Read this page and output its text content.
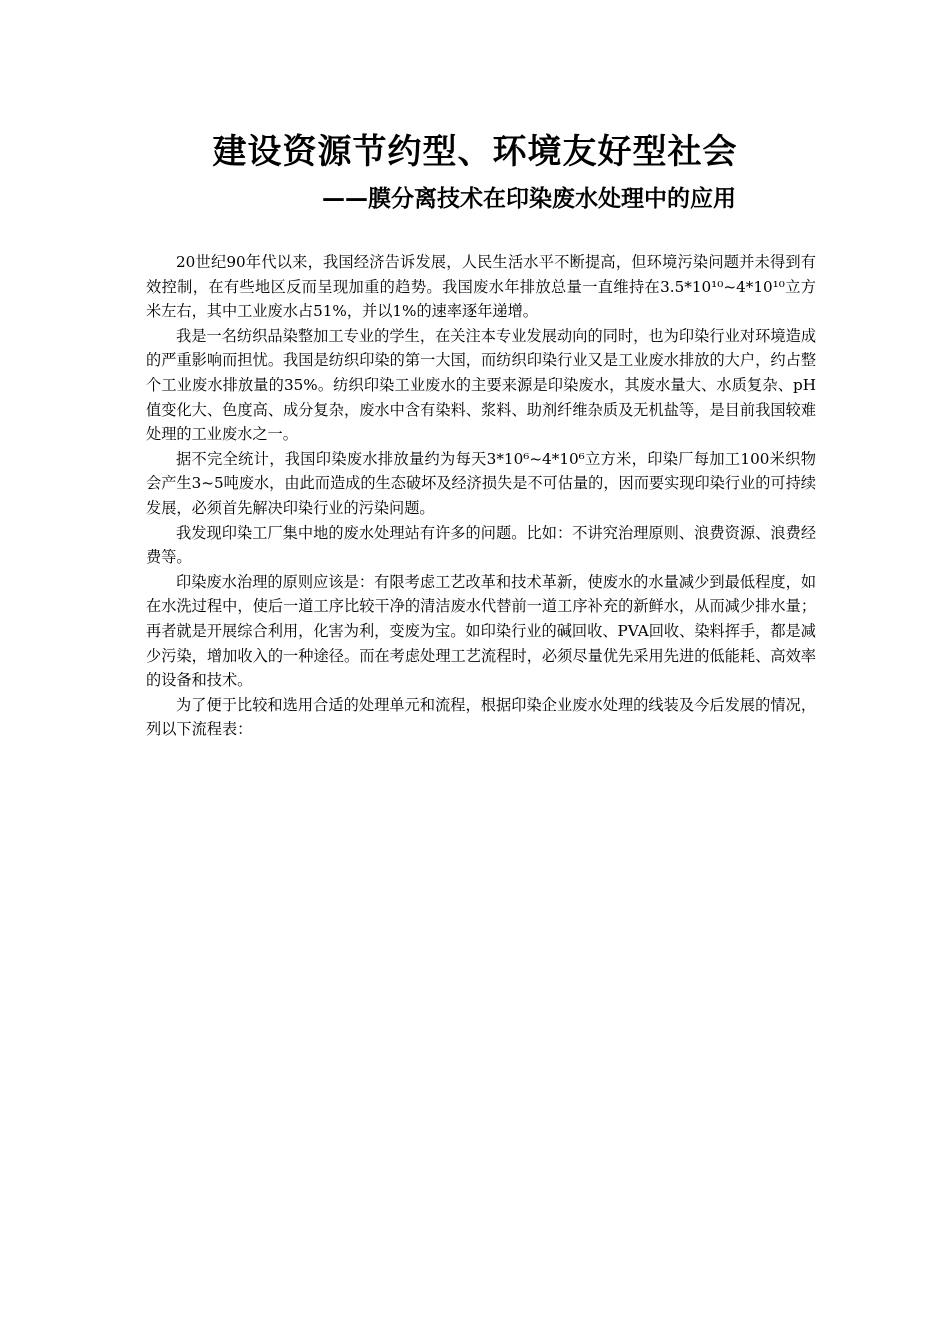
建设资源节约型、环境友好型社会
——膜分离技术在印染废水处理中的应用

20世纪90年代以来，我国经济告诉发展，人民生活水平不断提高，但环境污染问题并未得到有效控制，在有些地区反而呈现加重的趋势。我国废水年排放总量一直维持在3.5*10¹⁰~4*10¹⁰立方米左右，其中工业废水占51%，并以1%的速率逐年递增。

我是一名纺织品染整加工专业的学生，在关注本专业发展动向的同时，也为印染行业对环境造成的严重影响而担忧。我国是纺织印染的第一大国，而纺织印染行业又是工业废水排放的大户，约占整个工业废水排放量的35%。纺织印染工业废水的主要来源是印染废水，其废水量大、水质复杂、pH值变化大、色度高、成分复杂，废水中含有染料、浆料、助剂纤维杂质及无机盐等，是目前我国较难处理的工业废水之一。

据不完全统计，我国印染废水排放量约为每天3*10⁶~4*10⁶立方米，印染厂每加工100米织物会产生3~5吨废水，由此而造成的生态破坏及经济损失是不可估量的，因而要实现印染行业的可持续发展，必须首先解决印染行业的污染问题。

我发现印染工厂集中地的废水处理站有许多的问题。比如：不讲究治理原则、浪费资源、浪费经费等。

印染废水治理的原则应该是：有限考虑工艺改革和技术革新，使废水的水量减少到最低程度，如在水洗过程中，使后一道工序比较干净的清洁废水代替前一道工序补充的新鲜水，从而减少排水量；再者就是开展综合利用，化害为利，变废为宝。如印染行业的碱回收、PVA回收、染料挥手，都是减少污染，增加收入的一种途径。而在考虑处理工艺流程时，必须尽量优先采用先进的低能耗、高效率的设备和技术。

为了便于比较和选用合适的处理单元和流程，根据印染企业废水处理的线装及今后发展的情况，列以下流程表：
